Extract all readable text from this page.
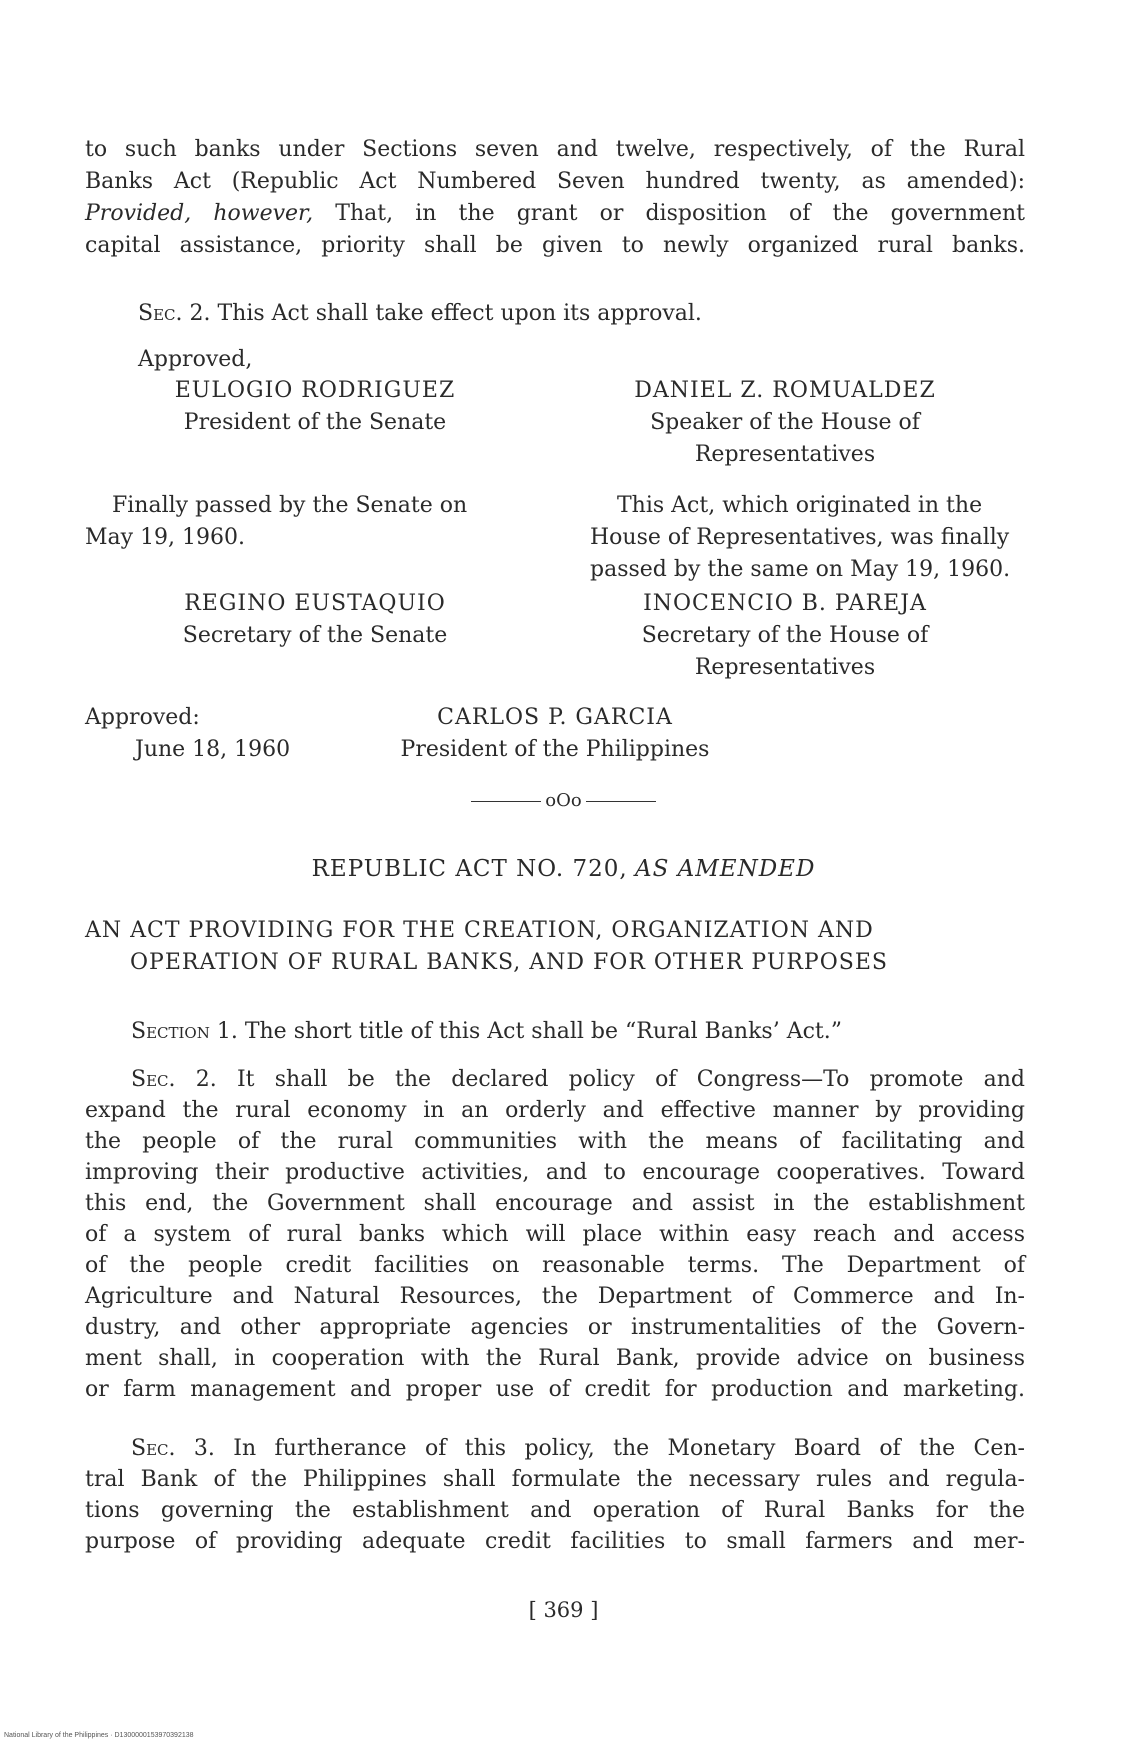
to such banks under Sections seven and twelve, respectively, of the Rural
Banks Act (Republic Act Numbered Seven hundred twenty, as amended):
Provided, however, That, in the grant or disposition of the government
capital assistance, priority shall be given to newly organized rural banks.
Sec. 2. This Act shall take effect upon its approval.
Approved,
EULOGIO RODRIGUEZ
President of the Senate
DANIEL Z. ROMUALDEZ
Speaker of the House of
Representatives
Finally passed by the Senate on
May 19, 1960.
This Act, which originated in the
House of Representatives, was finally
passed by the same on May 19, 1960.
REGINO EUSTAQUIO
Secretary of the Senate
INOCENCIO B. PAREJA
Secretary of the House of
Representatives
Approved:
June 18, 1960
CARLOS P. GARCIA
President of the Philippines
oOo
REPUBLIC ACT NO. 720, AS AMENDED
AN ACT PROVIDING FOR THE CREATION, ORGANIZATION AND
OPERATION OF RURAL BANKS, AND FOR OTHER PURPOSES
Section 1. The short title of this Act shall be “Rural Banks’ Act.”
Sec. 2. It shall be the declared policy of Congress—To promote and
expand the rural economy in an orderly and effective manner by providing
the people of the rural communities with the means of facilitating and
improving their productive activities, and to encourage cooperatives. Toward
this end, the Government shall encourage and assist in the establishment
of a system of rural banks which will place within easy reach and access
of the people credit facilities on reasonable terms. The Department of
Agriculture and Natural Resources, the Department of Commerce and In-
dustry, and other appropriate agencies or instrumentalities of the Govern-
ment shall, in cooperation with the Rural Bank, provide advice on business
or farm management and proper use of credit for production and marketing.
Sec. 3. In furtherance of this policy, the Monetary Board of the Cen-
tral Bank of the Philippines shall formulate the necessary rules and regula-
tions governing the establishment and operation of Rural Banks for the
purpose of providing adequate credit facilities to small farmers and mer-
[ 369 ]
National Library of the Philippines · D1300000153970392138
